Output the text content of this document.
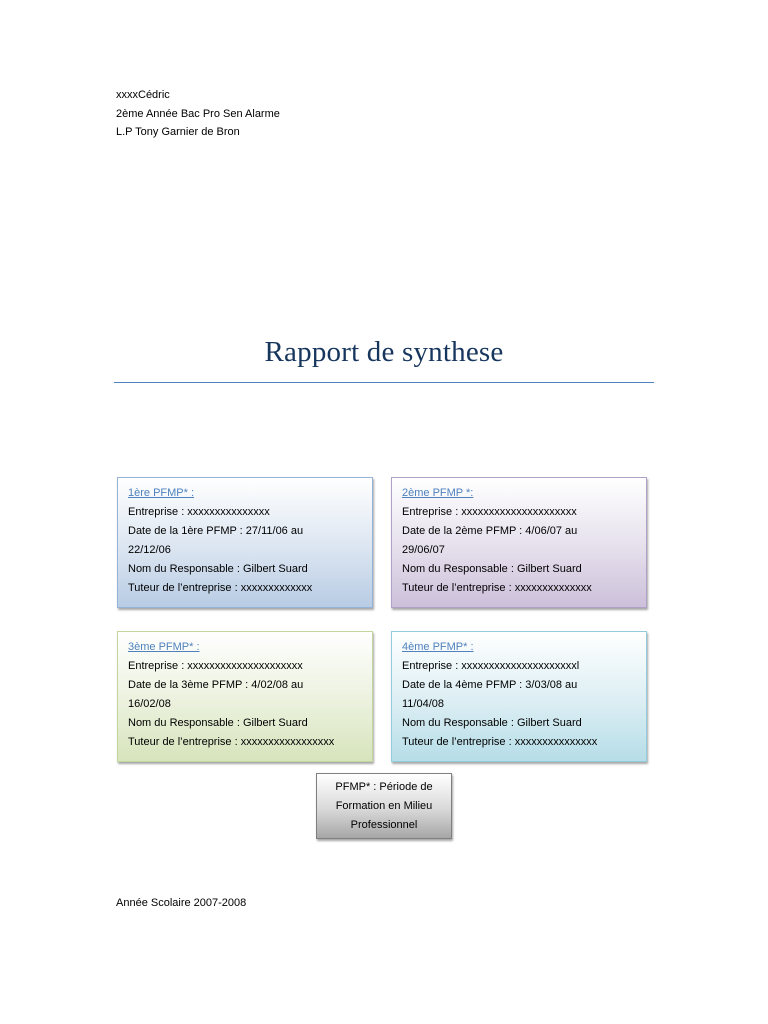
xxxxCédric
2ème Année Bac Pro Sen Alarme
L.P Tony Garnier de Bron
Rapport de synthese
1ère PFMP* :
Entreprise : xxxxxxxxxxxxxxx
Date de la 1ère PFMP : 27/11/06 au
22/12/06
Nom du Responsable : Gilbert Suard
Tuteur de l’entreprise : xxxxxxxxxxxxx
2ème PFMP *:
Entreprise : xxxxxxxxxxxxxxxxxxxxx
Date de la 2ème PFMP : 4/06/07 au
29/06/07
Nom du Responsable : Gilbert Suard
Tuteur de l’entreprise : xxxxxxxxxxxxxx
3ème PFMP* :
Entreprise : xxxxxxxxxxxxxxxxxxxxx
Date de la 3ème PFMP : 4/02/08 au
16/02/08
Nom du Responsable : Gilbert Suard
Tuteur de l’entreprise : xxxxxxxxxxxxxxxxx
4ème PFMP* :
Entreprise : xxxxxxxxxxxxxxxxxxxxxl
Date de la 4ème PFMP : 3/03/08 au
11/04/08
Nom du Responsable : Gilbert Suard
Tuteur de l’entreprise : xxxxxxxxxxxxxxx
PFMP* : Période de
Formation en Milieu
Professionnel
Année Scolaire 2007-2008
